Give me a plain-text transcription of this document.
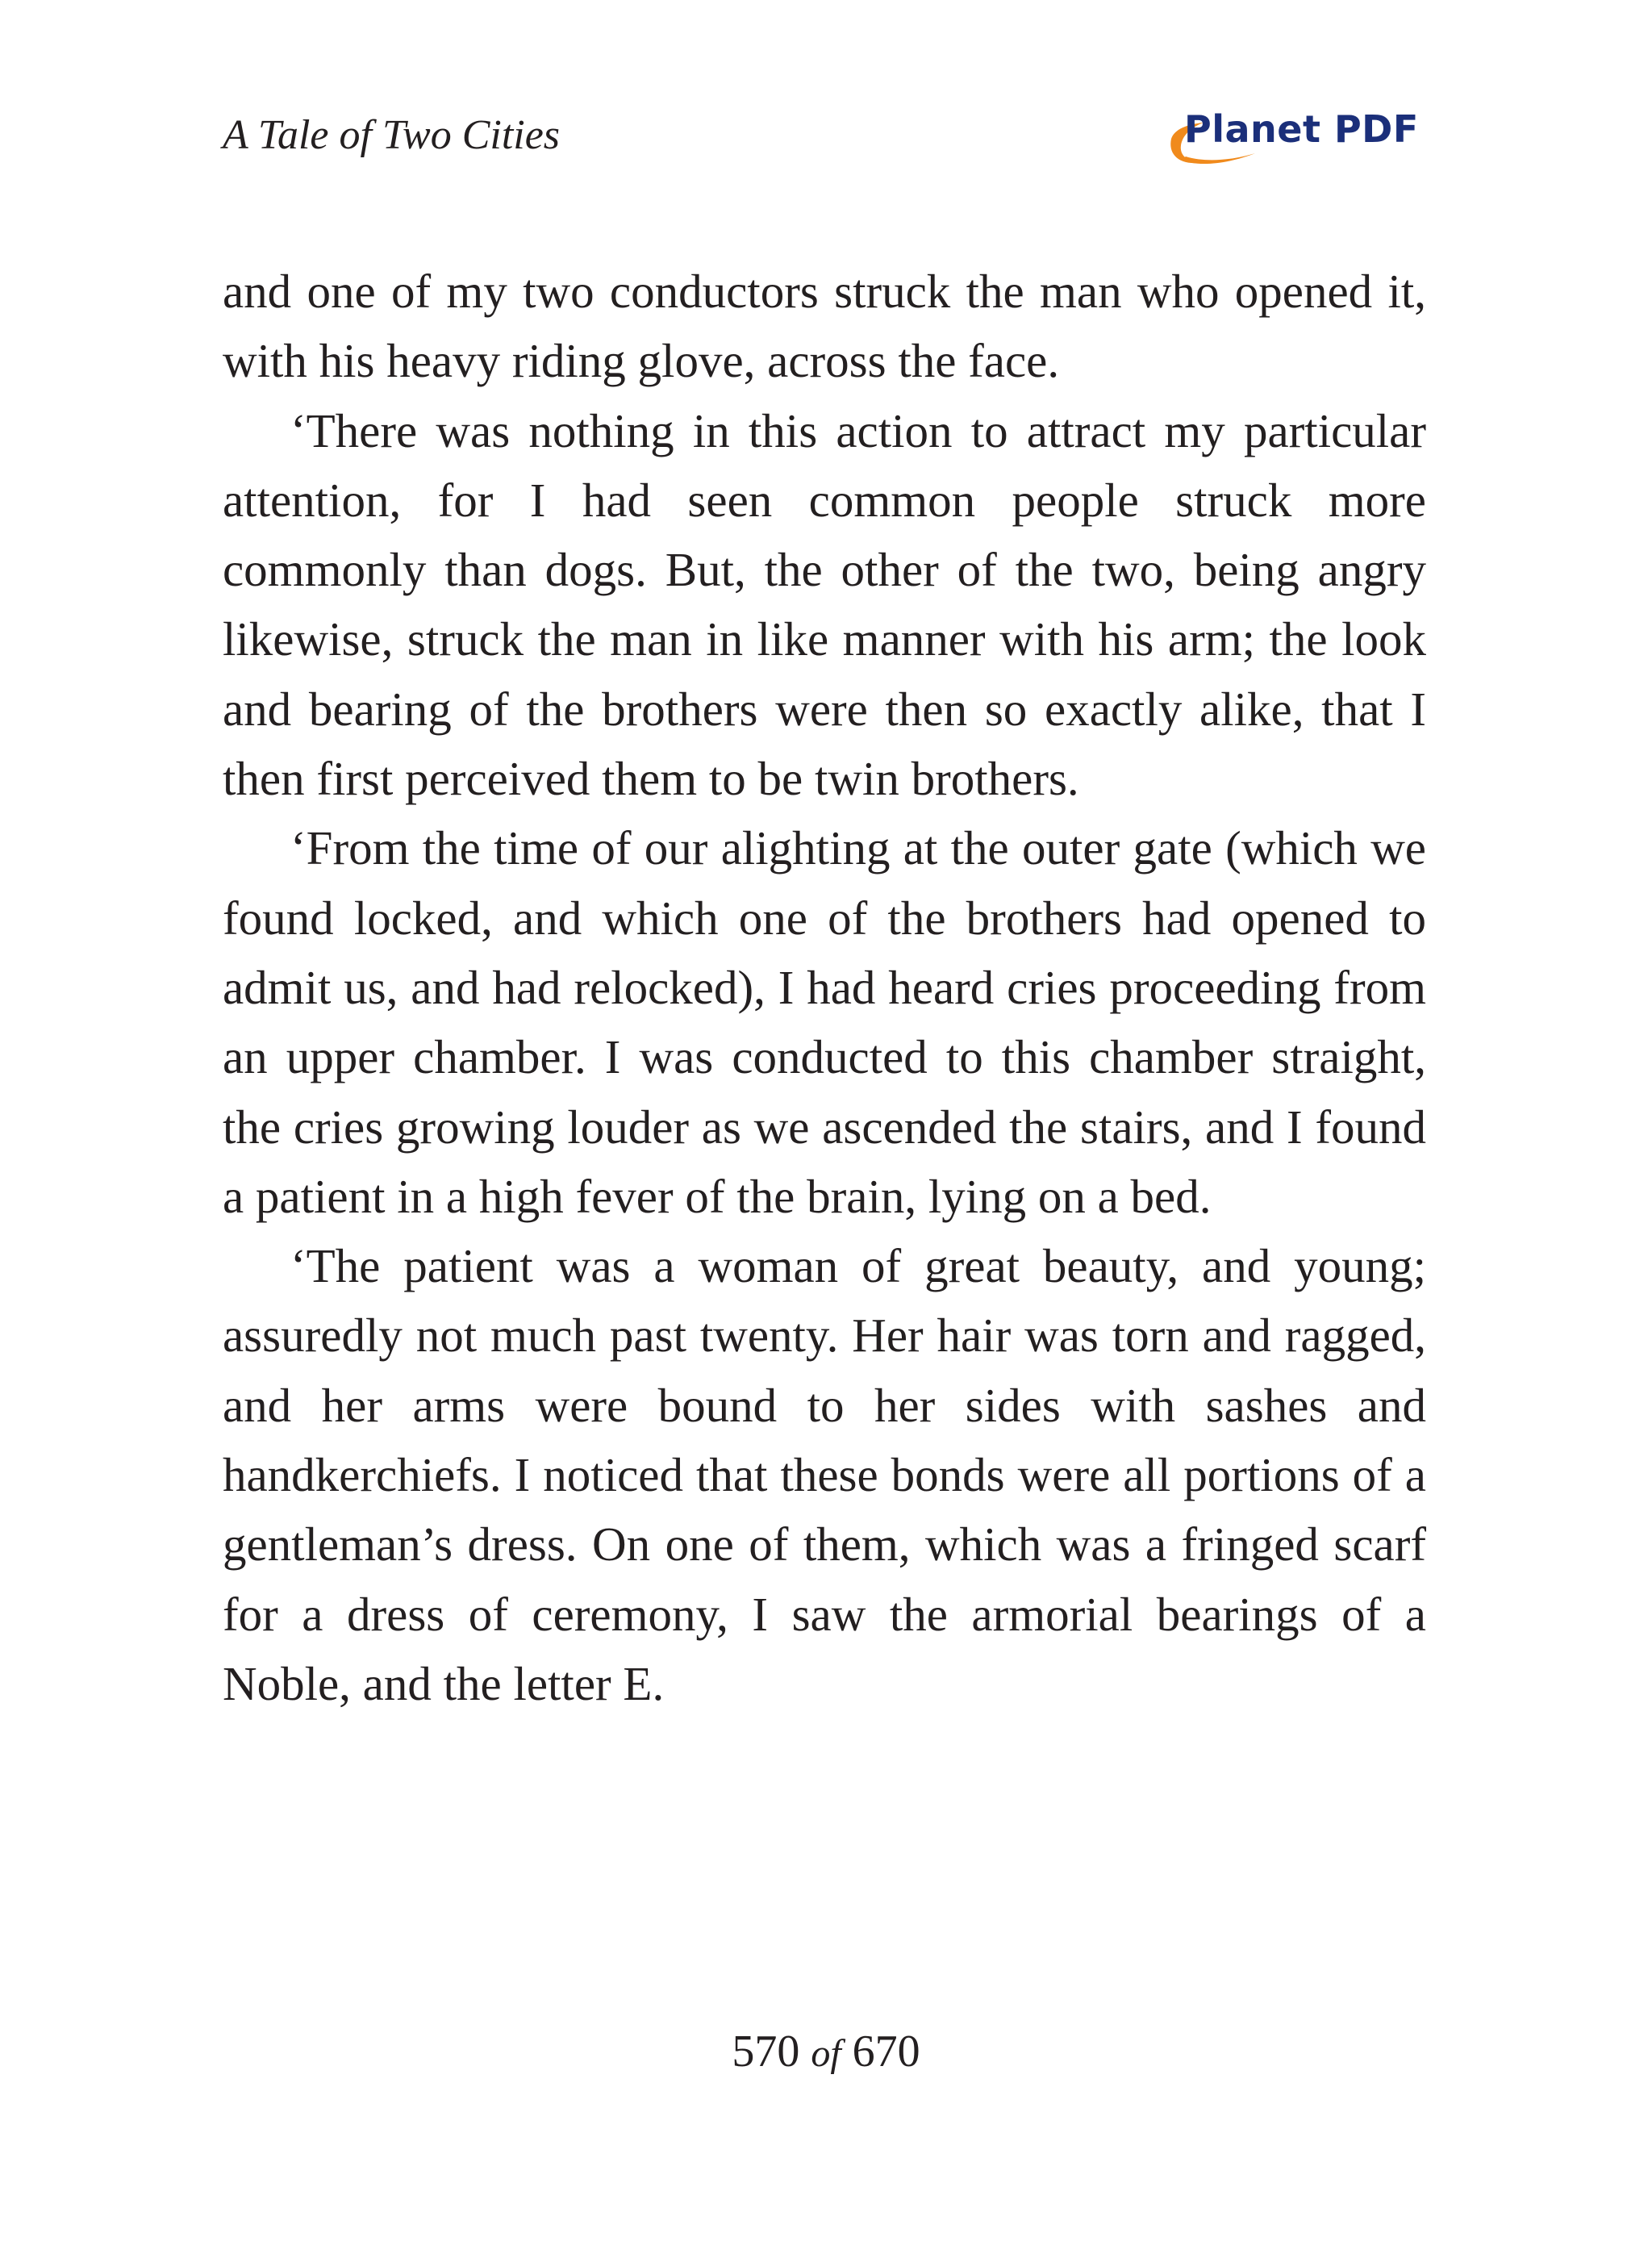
A Tale of Two Cities	Planet PDF

and one of my two conductors struck the man who opened it, with his heavy riding glove, across the face.

‘There was nothing in this action to attract my particular attention, for I had seen common people struck more commonly than dogs. But, the other of the two, being angry likewise, struck the man in like manner with his arm; the look and bearing of the brothers were then so exactly alike, that I then first perceived them to be twin brothers.

‘From the time of our alighting at the outer gate (which we found locked, and which one of the brothers had opened to admit us, and had relocked), I had heard cries proceeding from an upper chamber. I was conducted to this chamber straight, the cries growing louder as we ascended the stairs, and I found a patient in a high fever of the brain, lying on a bed.

‘The patient was a woman of great beauty, and young; assuredly not much past twenty. Her hair was torn and ragged, and her arms were bound to her sides with sashes and handkerchiefs. I noticed that these bonds were all portions of a gentleman’s dress. On one of them, which was a fringed scarf for a dress of ceremony, I saw the armorial bearings of a Noble, and the letter E.

570 of 670
